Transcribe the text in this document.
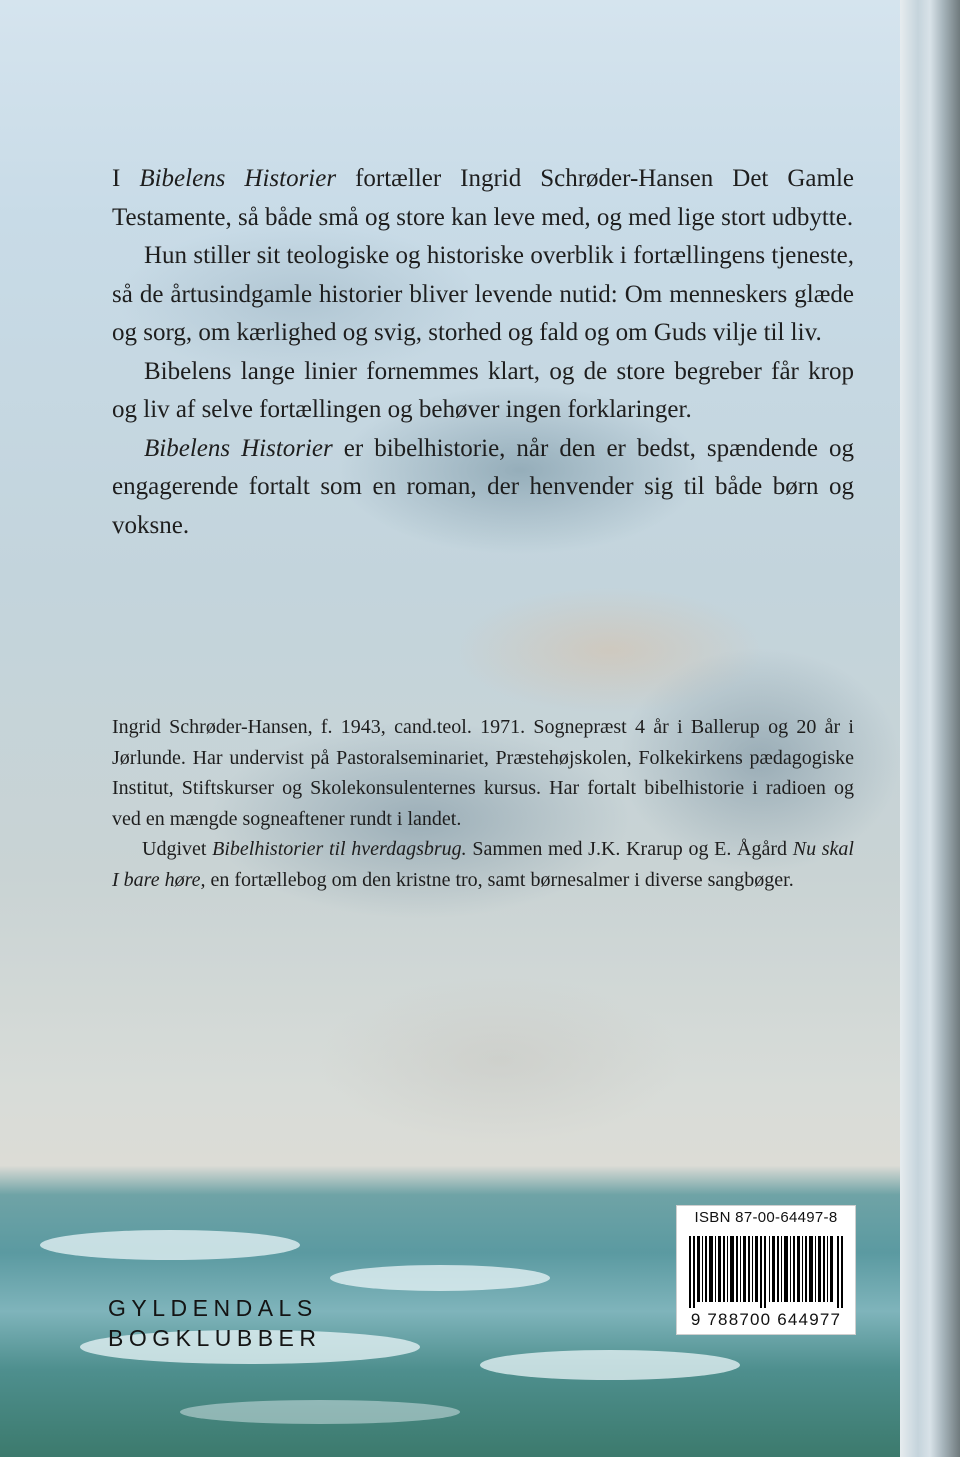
I Bibelens Historier fortæller Ingrid Schrøder-Hansen Det Gamle Testamente, så både små og store kan leve med, og med lige stort udbytte.

Hun stiller sit teologiske og historiske overblik i fortællingens tjeneste, så de årtusindgamle historier bliver levende nutid: Om menneskers glæde og sorg, om kærlighed og svig, storhed og fald og om Guds vilje til liv.

Bibelens lange linier fornemmes klart, og de store begreber får krop og liv af selve fortællingen og behøver ingen forklaringer.

Bibelens Historier er bibelhistorie, når den er bedst, spændende og engagerende fortalt som en roman, der henvender sig til både børn og voksne.

Ingrid Schrøder-Hansen, f. 1943, cand.teol. 1971. Sognepræst 4 år i Ballerup og 20 år i Jørlunde. Har undervist på Pastoralseminariet, Præstehøjskolen, Folkekirkens pædagogiske Institut, Stiftskurser og Skolekonsulenternes kursus. Har fortalt bibelhistorie i radioen og ved en mængde sogneaftener rundt i landet.

Udgivet Bibelhistorier til hverdagsbrug. Sammen med J.K. Krarup og E. Ågård Nu skal I bare høre, en fortællebog om den kristne tro, samt børnesalmer i diverse sangbøger.

GYLDENDALS
BOGKLUBBER
ISBN 87-00-64497-8
9 788700 644977
